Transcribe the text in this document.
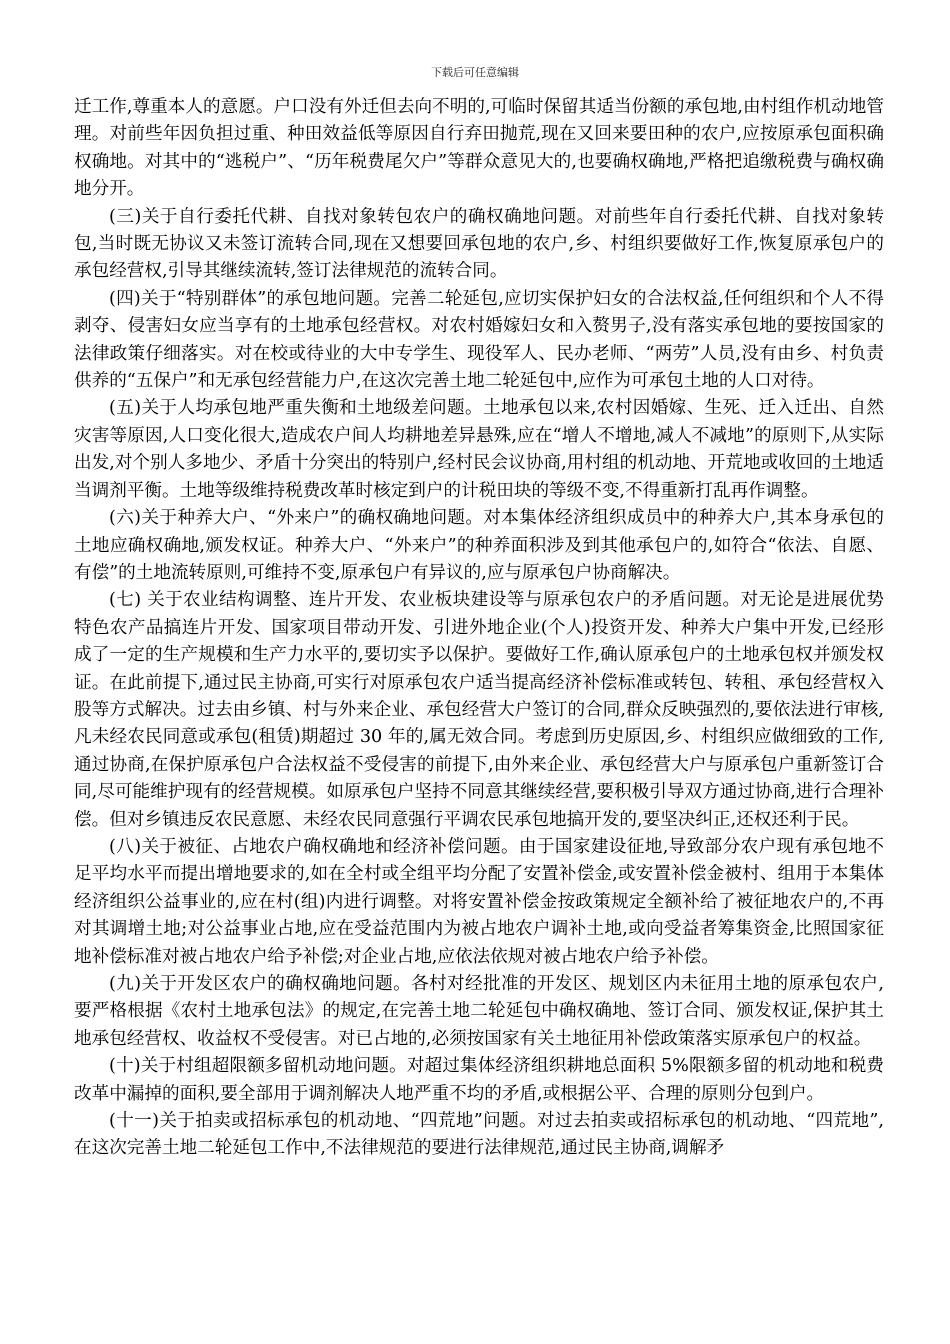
下载后可任意编辑

迁工作,尊重本人的意愿。户口没有外迁但去向不明的,可临时保留其适当份额的承包地,由村组作机动地管理。对前些年因负担过重、种田效益低等原因自行弃田抛荒,现在又回来要田种的农户,应按原承包面积确权确地。对其中的“逃税户”、“历年税费尾欠户”等群众意见大的,也要确权确地,严格把追缴税费与确权确地分开。

(三)关于自行委托代耕、自找对象转包农户的确权确地问题。对前些年自行委托代耕、自找对象转包,当时既无协议又未签订流转合同,现在又想要回承包地的农户,乡、村组织要做好工作,恢复原承包户的承包经营权,引导其继续流转,签订法律规范的流转合同。

(四)关于“特别群体”的承包地问题。完善二轮延包,应切实保护妇女的合法权益,任何组织和个人不得剥夺、侵害妇女应当享有的土地承包经营权。对农村婚嫁妇女和入赘男子,没有落实承包地的要按国家的法律政策仔细落实。对在校或待业的大中专学生、现役军人、民办老师、“两劳”人员,没有由乡、村负责供养的“五保户”和无承包经营能力户,在这次完善土地二轮延包中,应作为可承包土地的人口对待。

(五)关于人均承包地严重失衡和土地级差问题。土地承包以来,农村因婚嫁、生死、迁入迁出、自然灾害等原因,人口变化很大,造成农户间人均耕地差异悬殊,应在“增人不增地,减人不减地”的原则下,从实际出发,对个别人多地少、矛盾十分突出的特别户,经村民会议协商,用村组的机动地、开荒地或收回的土地适当调剂平衡。土地等级维持税费改革时核定到户的计税田块的等级不变,不得重新打乱再作调整。

(六)关于种养大户、“外来户”的确权确地问题。对本集体经济组织成员中的种养大户,其本身承包的土地应确权确地,颁发权证。种养大户、“外来户”的种养面积涉及到其他承包户的,如符合“依法、自愿、有偿”的土地流转原则,可维持不变,原承包户有异议的,应与原承包户协商解决。

(七) 关于农业结构调整、连片开发、农业板块建设等与原承包农户的矛盾问题。对无论是进展优势特色农产品搞连片开发、国家项目带动开发、引进外地企业(个人)投资开发、种养大户集中开发,已经形成了一定的生产规模和生产力水平的,要切实予以保护。要做好工作,确认原承包户的土地承包权并颁发权证。在此前提下,通过民主协商,可实行对原承包农户适当提高经济补偿标准或转包、转租、承包经营权入股等方式解决。过去由乡镇、村与外来企业、承包经营大户签订的合同,群众反映强烈的,要依法进行审核,凡未经农民同意或承包(租赁)期超过 30 年的,属无效合同。考虑到历史原因,乡、村组织应做细致的工作,通过协商,在保护原承包户合法权益不受侵害的前提下,由外来企业、承包经营大户与原承包户重新签订合同,尽可能维护现有的经营规模。如原承包户坚持不同意其继续经营,要积极引导双方通过协商,进行合理补偿。但对乡镇违反农民意愿、未经农民同意强行平调农民承包地搞开发的,要坚决纠正,还权还利于民。

(八)关于被征、占地农户确权确地和经济补偿问题。由于国家建设征地,导致部分农户现有承包地不足平均水平而提出增地要求的,如在全村或全组平均分配了安置补偿金,或安置补偿金被村、组用于本集体经济组织公益事业的,应在村(组)内进行调整。对将安置补偿金按政策规定全额补给了被征地农户的,不再对其调增土地;对公益事业占地,应在受益范围内为被占地农户调补土地,或向受益者筹集资金,比照国家征地补偿标准对被占地农户给予补偿;对企业占地,应依法依规对被占地农户给予补偿。

(九)关于开发区农户的确权确地问题。各村对经批准的开发区、规划区内未征用土地的原承包农户,要严格根据《农村土地承包法》的规定,在完善土地二轮延包中确权确地、签订合同、颁发权证,保护其土地承包经营权、收益权不受侵害。对已占地的,必须按国家有关土地征用补偿政策落实原承包户的权益。

(十)关于村组超限额多留机动地问题。对超过集体经济组织耕地总面积 5%限额多留的机动地和税费改革中漏掉的面积,要全部用于调剂解决人地严重不均的矛盾,或根据公平、合理的原则分包到户。

(十一)关于拍卖或招标承包的机动地、“四荒地”问题。对过去拍卖或招标承包的机动地、“四荒地”,在这次完善土地二轮延包工作中,不法律规范的要进行法律规范,通过民主协商,调解矛
